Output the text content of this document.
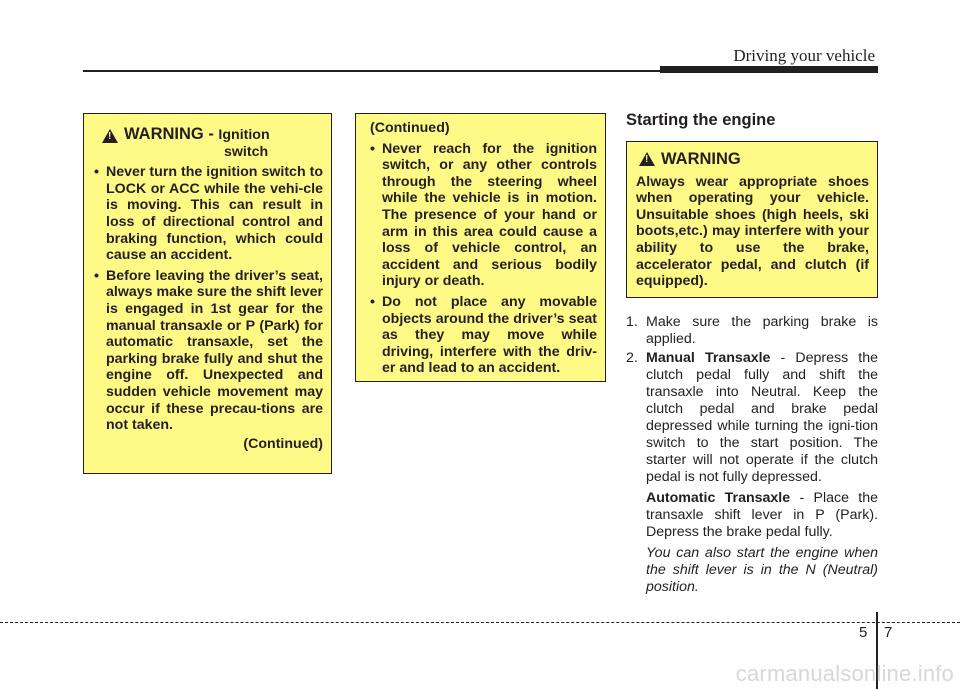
Driving your vehicle
!
WARNING - Ignition
switch
• Never turn the ignition switch to LOCK or ACC while the vehi-cle is moving. This can result in loss of directional control and braking function, which could cause an accident.
• Before leaving the driver’s seat, always make sure the shift lever is engaged in 1st gear for the manual transaxle or P (Park) for automatic transaxle, set the parking brake fully and shut the engine off. Unexpected and sudden vehicle movement may occur if these precau-tions are not taken.
(Continued)
(Continued)
• Never reach for the ignition switch, or any other controls through the steering wheel while the vehicle is in motion. The presence of your hand or arm in this area could cause a loss of vehicle control, an accident and serious bodily injury or death.
• Do not place any movable objects around the driver’s seat as they may move while driving, interfere with the driv-er and lead to an accident.
Starting the engine
!
WARNING
Always wear appropriate shoes when operating your vehicle. Unsuitable shoes (high heels, ski boots,etc.) may interfere with your ability to use the brake, accelerator pedal, and clutch (if equipped).
1. Make sure the parking brake is applied.
2. Manual Transaxle - Depress the clutch pedal fully and shift the transaxle into Neutral. Keep the clutch pedal and brake pedal depressed while turning the igni-tion switch to the start position. The starter will not operate if the clutch pedal is not fully depressed.

Automatic Transaxle - Place the transaxle shift lever in P (Park). Depress the brake pedal fully.

You can also start the engine when the shift lever is in the N (Neutral) position.

5 7
carmanualsonline.info
